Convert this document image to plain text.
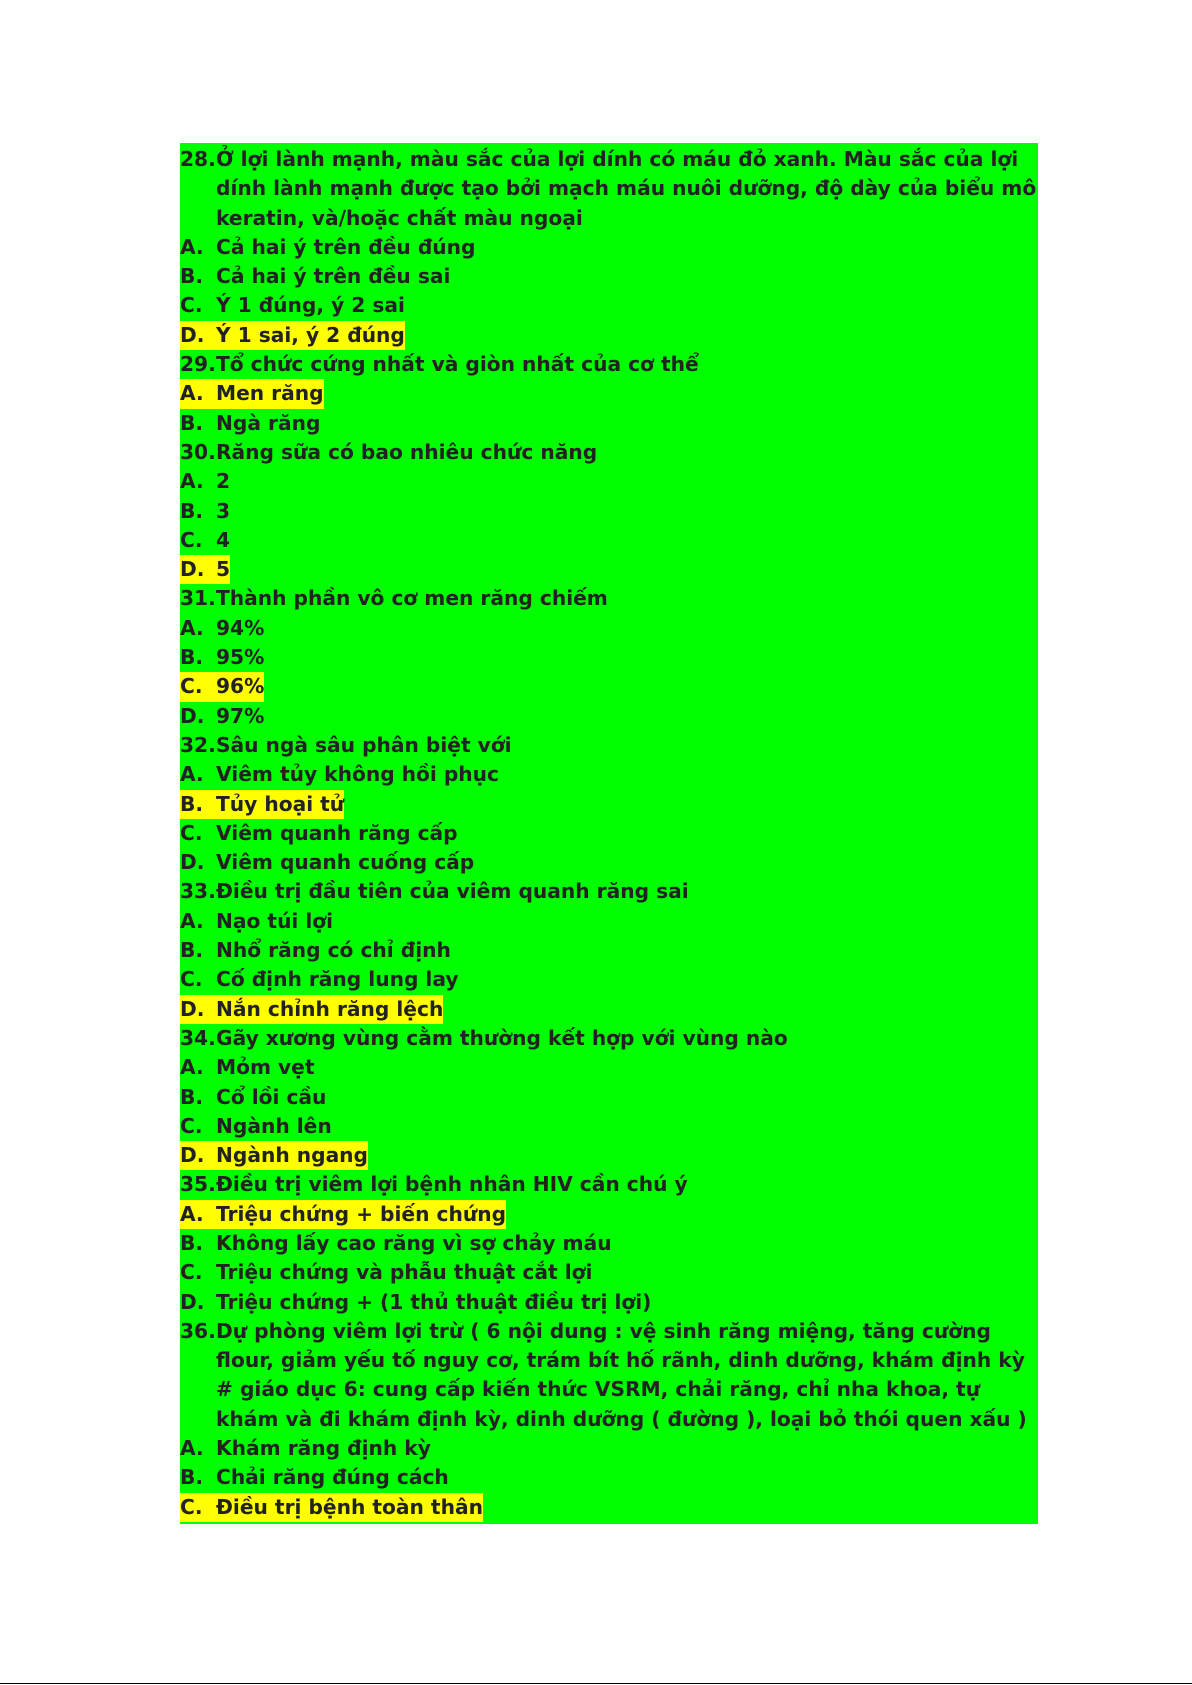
28. Ở lợi lành mạnh, màu sắc của lợi dính có máu đỏ xanh. Màu sắc của lợi dính lành mạnh được tạo bởi mạch máu nuôi dưỡng, độ dày của biểu mô keratin, và/hoặc chất màu ngoại
A. Cả hai ý trên đều đúng
B. Cả hai ý trên đều sai
C. Ý 1 đúng, ý 2 sai
D. Ý 1 sai, ý 2 đúng
29. Tổ chức cứng nhất và giòn nhất của cơ thể
A. Men răng
B. Ngà răng
30. Răng sữa có bao nhiêu chức năng
A. 2
B. 3
C. 4
D. 5
31. Thành phần vô cơ men răng chiếm
A. 94%
B. 95%
C. 96%
D. 97%
32. Sâu ngà sâu phân biệt với
A. Viêm tủy không hồi phục
B. Tủy hoại tử
C. Viêm quanh răng cấp
D. Viêm quanh cuống cấp
33. Điều trị đầu tiên của viêm quanh răng sai
A. Nạo túi lợi
B. Nhổ răng có chỉ định
C. Cố định răng lung lay
D. Nắn chỉnh răng lệch
34. Gãy xương vùng cằm thường kết hợp với vùng nào
A. Mỏm vẹt
B. Cổ lồi cầu
C. Ngành lên
D. Ngành ngang
35. Điều trị viêm lợi bệnh nhân HIV cần chú ý
A. Triệu chứng + biến chứng
B. Không lấy cao răng vì sợ chảy máu
C. Triệu chứng và phẫu thuật cắt lợi
D. Triệu chứng + (1 thủ thuật điều trị lợi)
36. Dự phòng viêm lợi trừ ( 6 nội dung : vệ sinh răng miệng, tăng cường flour, giảm yếu tố nguy cơ, trám bít hố rãnh, dinh dưỡng, khám định kỳ # giáo dục 6: cung cấp kiến thức VSRM, chải răng, chỉ nha khoa, tự khám và đi khám định kỳ, dinh dưỡng ( đường ), loại bỏ thói quen xấu )
A. Khám răng định kỳ
B. Chải răng đúng cách
C. Điều trị bệnh toàn thân
